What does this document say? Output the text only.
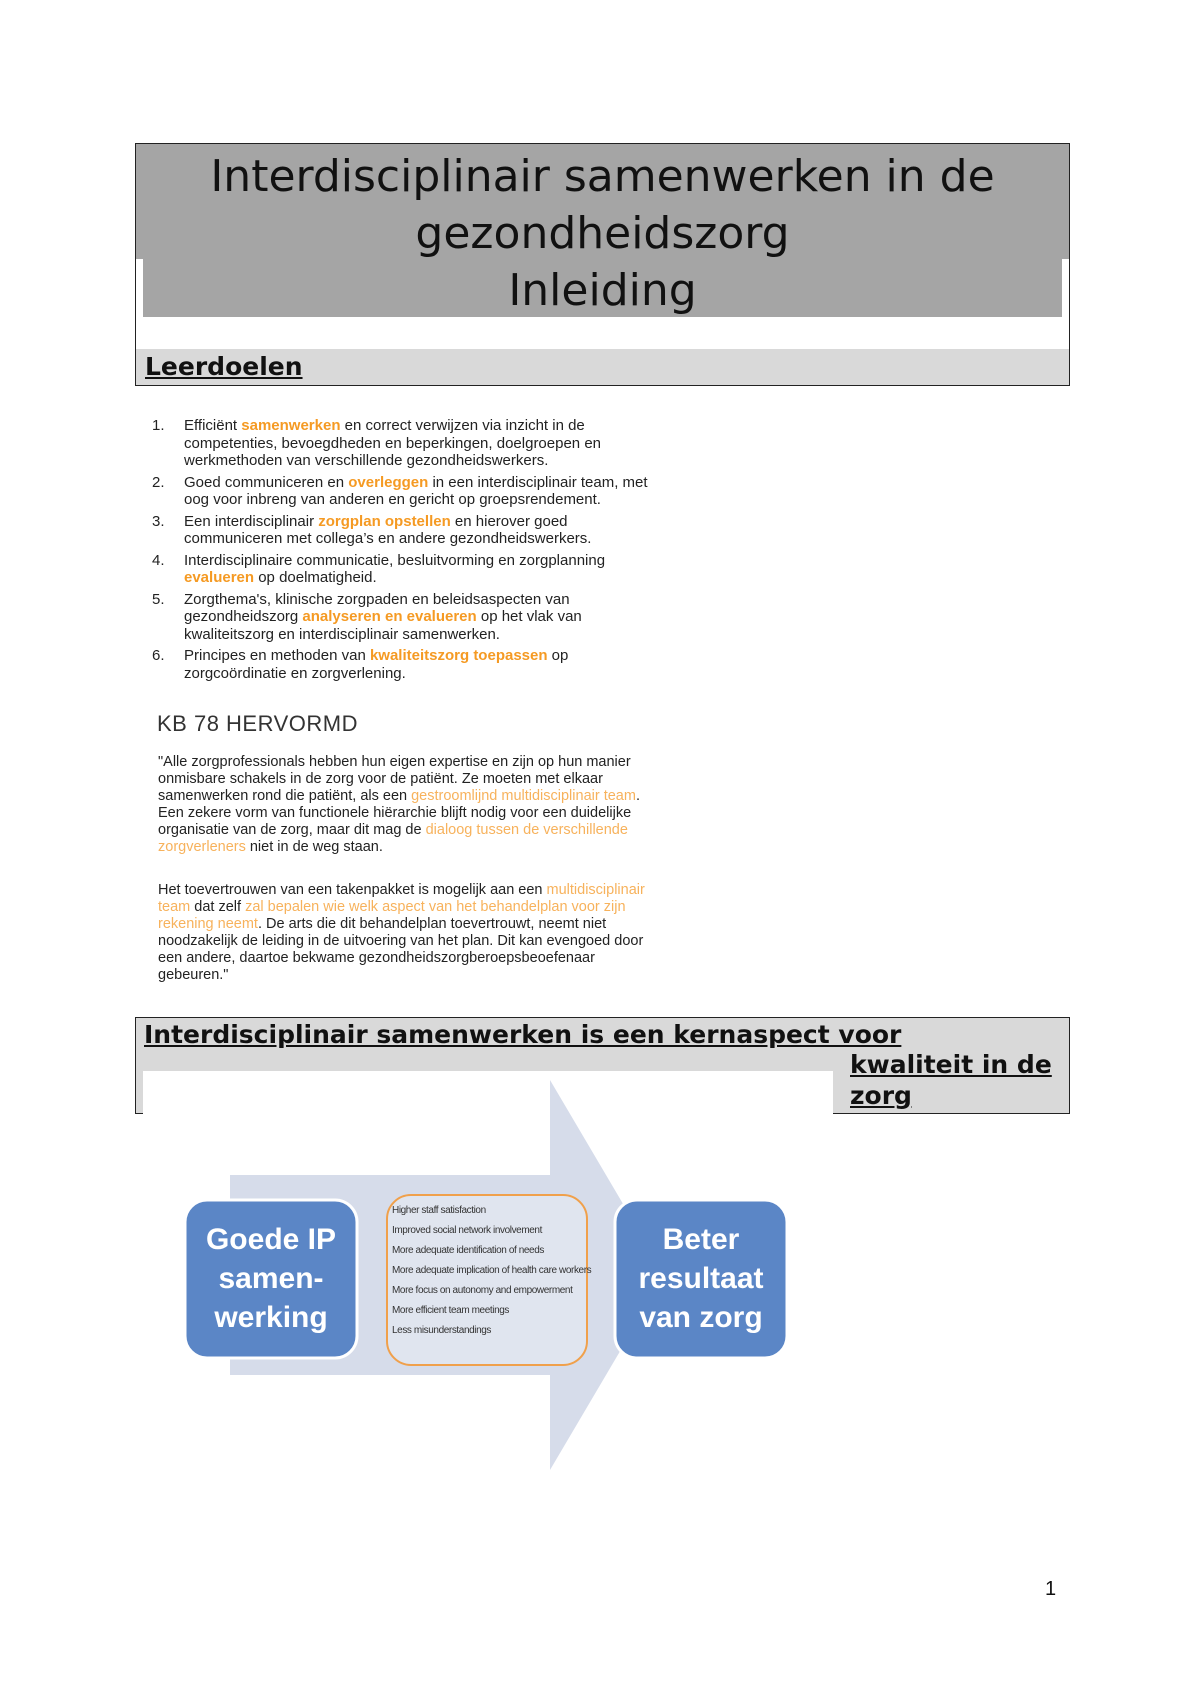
Interdisciplinair samenwerken in de
gezondheidszorg
Inleiding
Leerdoelen
1. Efficiënt samenwerken en correct verwijzen via inzicht in de competenties, bevoegdheden en beperkingen, doelgroepen en werkmethoden van verschillende gezondheidswerkers.
2. Goed communiceren en overleggen in een interdisciplinair team, met oog voor inbreng van anderen en gericht op groepsrendement.
3. Een interdisciplinair zorgplan opstellen en hierover goed communiceren met collega’s en andere gezondheidswerkers.
4. Interdisciplinaire communicatie, besluitvorming en zorgplanning evalueren op doelmatigheid.
5. Zorgthema's, klinische zorgpaden en beleidsaspecten van gezondheidszorg analyseren en evalueren op het vlak van kwaliteitszorg en interdisciplinair samenwerken.
6. Principes en methoden van kwaliteitszorg toepassen op zorgcoördinatie en zorgverlening.
KB 78 HERVORMD

"Alle zorgprofessionals hebben hun eigen expertise en zijn op hun manier onmisbare schakels in de zorg voor de patiënt. Ze moeten met elkaar samenwerken rond die patiënt, als een gestroomlijnd multidisciplinair team. Een zekere vorm van functionele hiërarchie blijft nodig voor een duidelijke organisatie van de zorg, maar dit mag de dialoog tussen de verschillende zorgverleners niet in de weg staan.

Het toevertrouwen van een takenpakket is mogelijk aan een multidisciplinair team dat zelf zal bepalen wie welk aspect van het behandelplan voor zijn rekening neemt. De arts die dit behandelplan toevertrouwt, neemt niet noodzakelijk de leiding in de uitvoering van het plan. Dit kan evengoed door een andere, daartoe bekwame gezondheidszorgberoepsbeoefenaar gebeuren."

Interdisciplinair samenwerken is een kernaspect voor
kwaliteit in de zorg
Goede IP
samen-
werking
Beter
resultaat
van zorg
Higher staff satisfaction
Improved social network involvement
More adequate identification of needs
More adequate implication of health care workers
More focus on autonomy and empowerment
More efficient team meetings
Less misunderstandings
1
